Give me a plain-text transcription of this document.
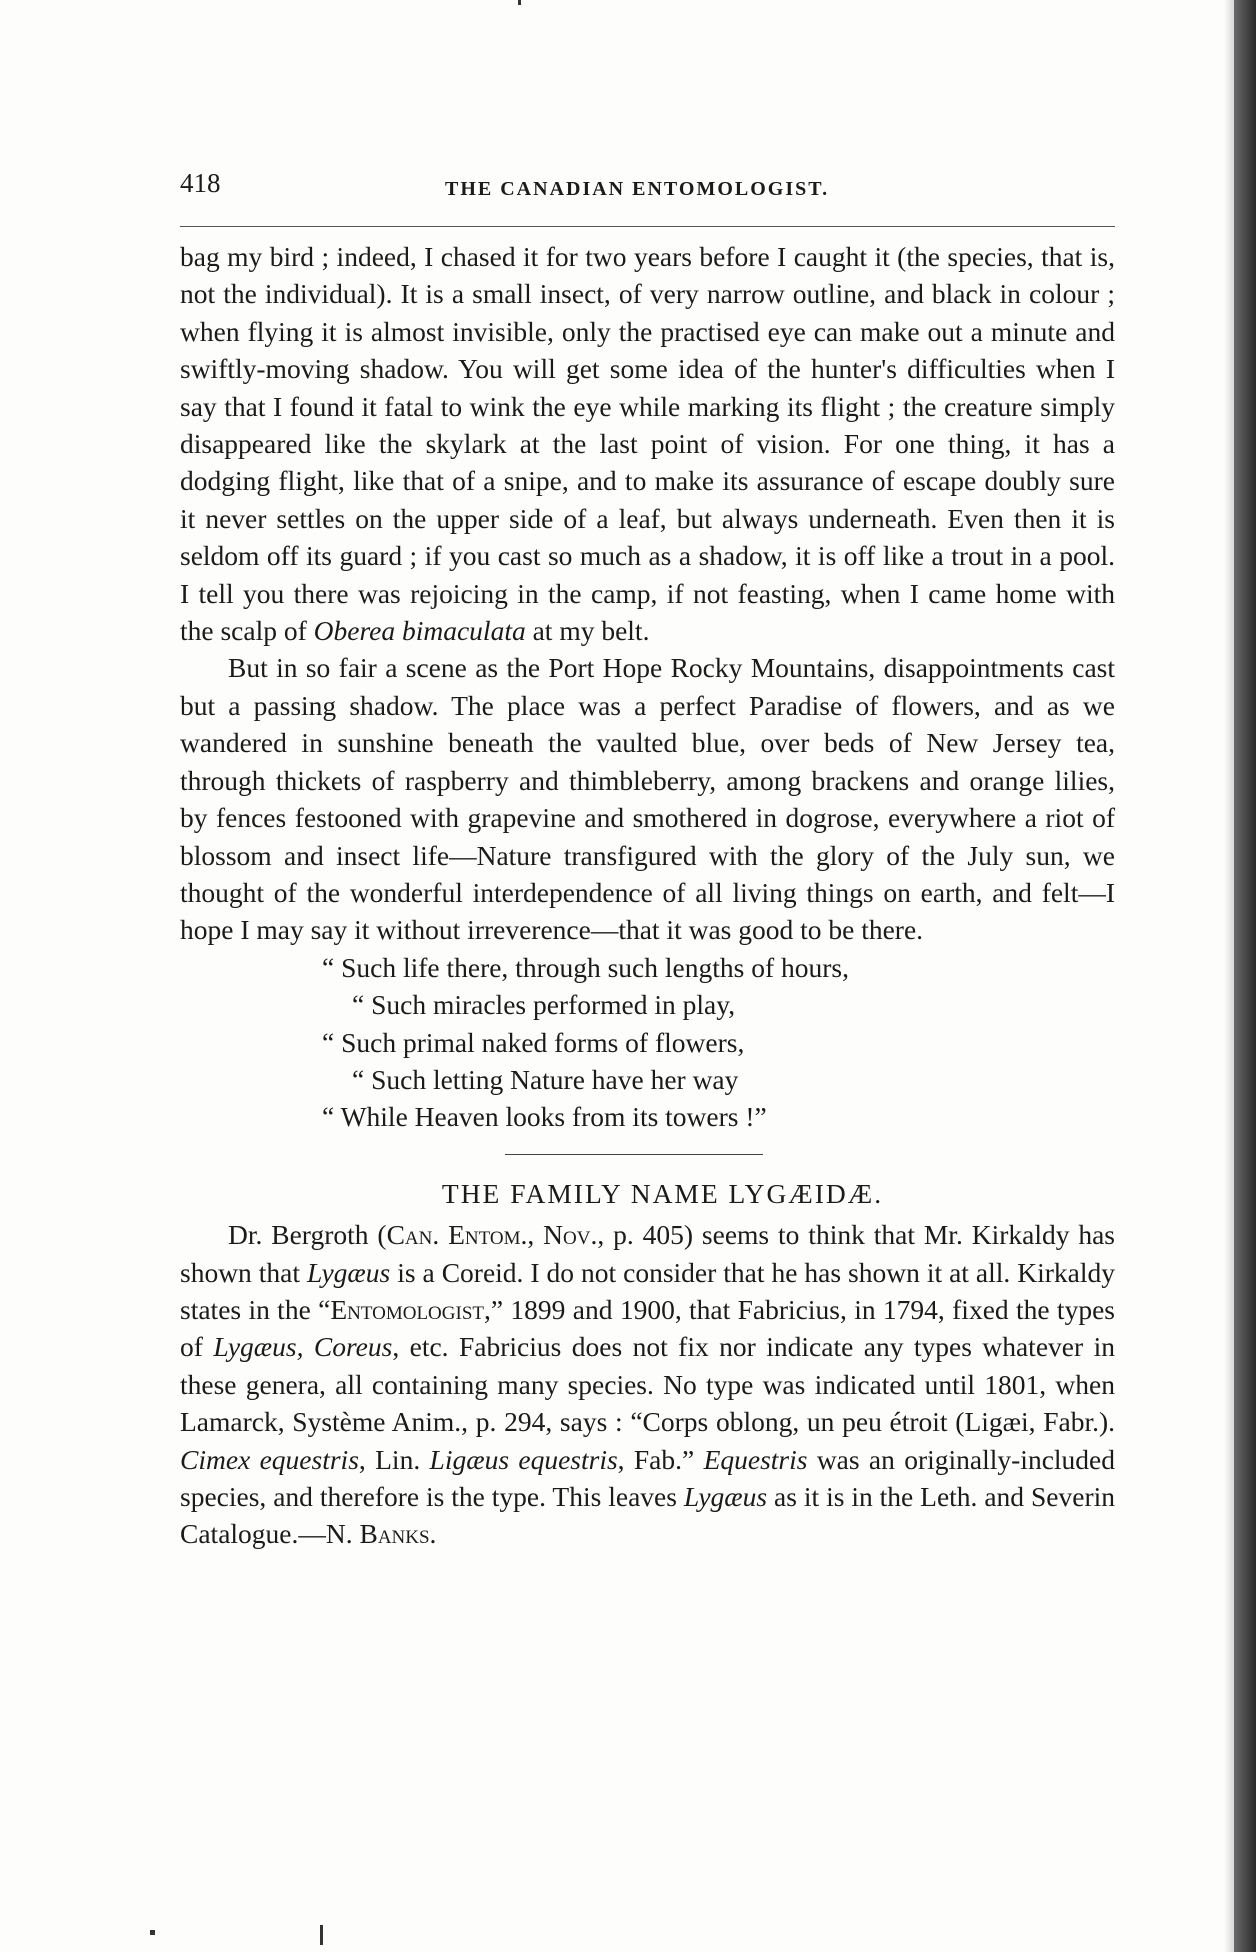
418	THE CANADIAN ENTOMOLOGIST.

bag my bird ; indeed, I chased it for two years before I caught it (the species, that is, not the individual). It is a small insect, of very narrow outline, and black in colour ; when flying it is almost invisible, only the practised eye can make out a minute and swiftly-moving shadow. You will get some idea of the hunter's difficulties when I say that I found it fatal to wink the eye while marking its flight ; the creature simply disappeared like the skylark at the last point of vision. For one thing, it has a dodging flight, like that of a snipe, and to make its assurance of escape doubly sure it never settles on the upper side of a leaf, but always underneath. Even then it is seldom off its guard ; if you cast so much as a shadow, it is off like a trout in a pool. I tell you there was rejoicing in the camp, if not feasting, when I came home with the scalp of Oberea bimaculata at my belt.

But in so fair a scene as the Port Hope Rocky Mountains, disappointments cast but a passing shadow. The place was a perfect Paradise of flowers, and as we wandered in sunshine beneath the vaulted blue, over beds of New Jersey tea, through thickets of raspberry and thimbleberry, among brackens and orange lilies, by fences festooned with grapevine and smothered in dogrose, everywhere a riot of blossom and insect life—Nature transfigured with the glory of the July sun, we thought of the wonderful interdependence of all living things on earth, and felt—I hope I may say it without irreverence—that it was good to be there.

“ Such life there, through such lengths of hours,
“ Such miracles performed in play,
“ Such primal naked forms of flowers,
“ Such letting Nature have her way
“ While Heaven looks from its towers !”
THE FAMILY NAME LYGÆIDÆ.

Dr. Bergroth (Can. Entom., Nov., p. 405) seems to think that Mr. Kirkaldy has shown that Lygæus is a Coreid. I do not consider that he has shown it at all. Kirkaldy states in the “Entomologist,” 1899 and 1900, that Fabricius, in 1794, fixed the types of Lygæus, Coreus, etc. Fabricius does not fix nor indicate any types whatever in these genera, all containing many species. No type was indicated until 1801, when Lamarck, Système Anim., p. 294, says : “Corps oblong, un peu étroit (Ligæi, Fabr.). Cimex equestris, Lin. Ligæus equestris, Fab.” Equestris was an originally-included species, and therefore is the type. This leaves Lygæus as it is in the Leth. and Severin Catalogue.—N. Banks.
